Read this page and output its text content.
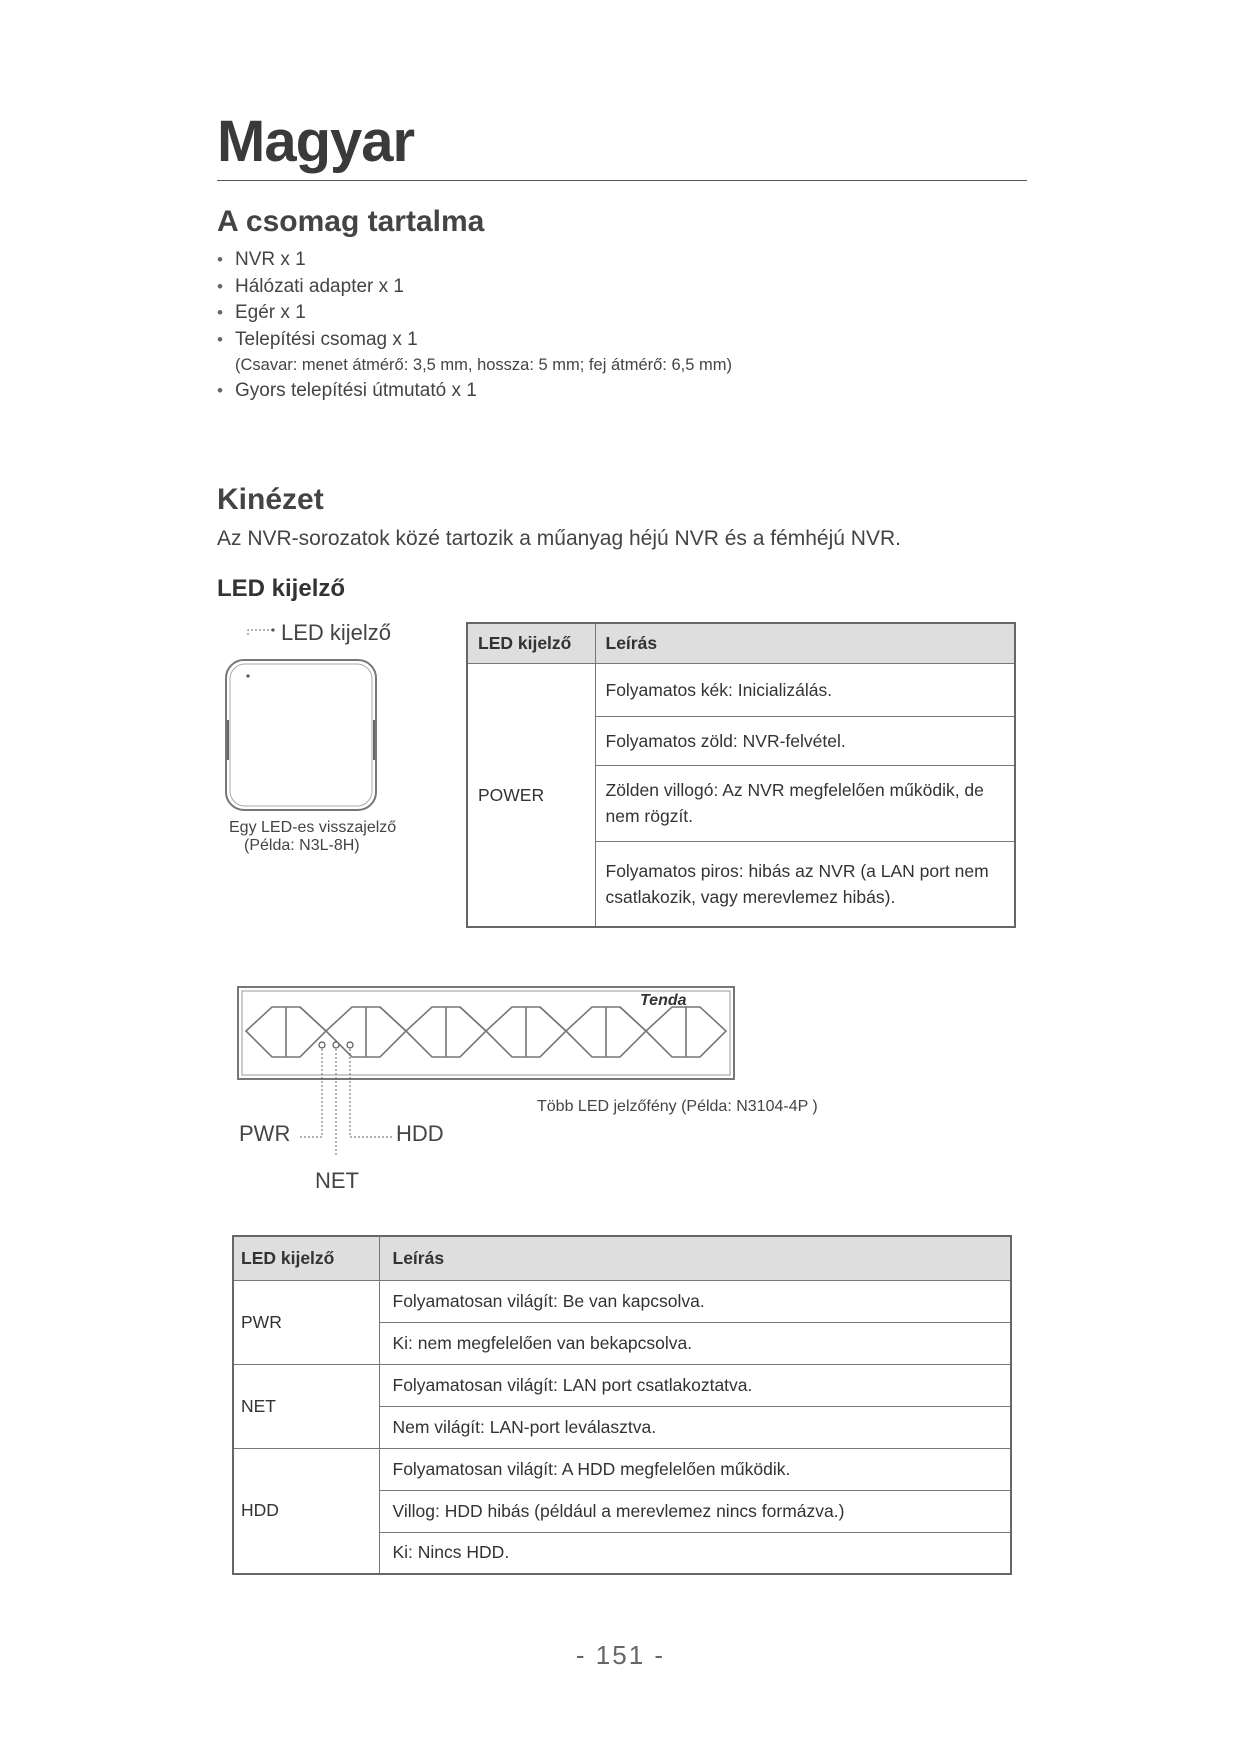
Magyar
A csomag tartalma
• NVR x 1
• Hálózati adapter x 1
• Egér x 1
• Telepítési csomag x 1
(Csavar: menet átmérő: 3,5 mm, hossza: 5 mm; fej átmérő: 6,5 mm)
• Gyors telepítési útmutató x 1
Kinézet
Az NVR-sorozatok közé tartozik a műanyag héjú NVR és a fémhéjú NVR.
LED kijelző
LED kijelző
Egy LED-es visszajelző
(Példa: N3L-8H)
LED kijelző	Leírás
POWER	Folyamatos kék: Inicializálás.
	Folyamatos zöld: NVR-felvétel.
	Zölden villogó: Az NVR megfelelően működik, de nem rögzít.
	Folyamatos piros: hibás az NVR (a LAN port nem csatlakozik, vagy merevlemez hibás).
Tenda
Több LED jelzőfény (Példa: N3104-4P )
PWR	HDD
NET
LED kijelző	Leírás
PWR	Folyamatosan világít: Be van kapcsolva.
	Ki: nem megfelelően van bekapcsolva.
NET	Folyamatosan világít: LAN port csatlakoztatva.
	Nem világít: LAN-port leválasztva.
HDD	Folyamatosan világít: A HDD megfelelően működik.
	Villog: HDD hibás (például a merevlemez nincs formázva.)
	Ki: Nincs HDD.
- 151 -
